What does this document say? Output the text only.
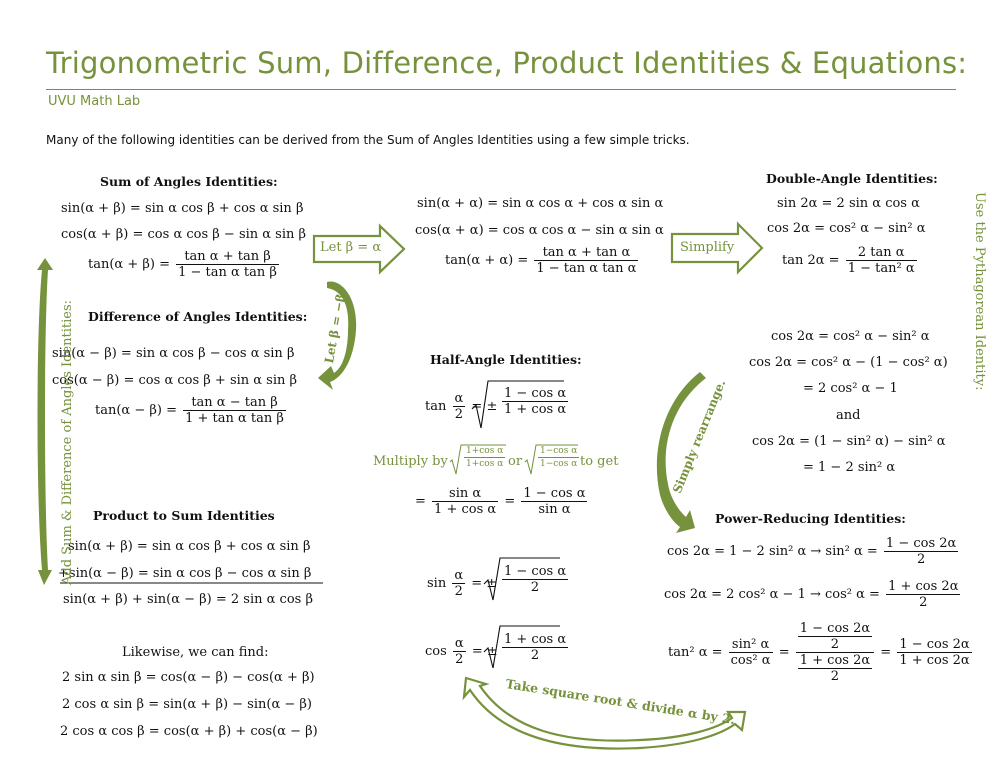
Trigonometric Sum, Difference, Product Identities & Equations:
UVU Math Lab
Many of the following identities can be derived from the Sum of Angles Identities using a few simple tricks.
Sum of Angles Identities:
sin(α + β) = sin α cos β + cos α sin β
cos(α + β) = cos α cos β − sin α sin β
$\tan(\alpha + \beta) = \frac{\text{tan α + tan β}}{\text{1 − tan α tan β}}$
Difference of Angles Identities:
sin(α − β) = sin α cos β − cos α sin β
cos(α − β) = cos α cos β + sin α sin β
$\tan(\alpha - \beta) = \frac{\text{tan α − tan β}}{\text{1 + tan α tan β}}$
Product to Sum Identities
sin(α + β) = sin α cos β + cos α sin β
+sin(α − β) = sin α cos β − cos α sin β
sin(α + β) + sin(α − β) = 2 sin α cos β
Likewise, we can find:
2 sin α sin β = cos(α − β) − cos(α + β)
2 cos α sin β = sin(α + β) − sin(α − β)
2 cos α cos β = cos(α + β) + cos(α − β)
sin(α + α) = sin α cos α + cos α sin α
cos(α + α) = cos α cos α − sin α sin α
$\tan(\alpha + \alpha) = \frac{\text{tan α + tan α}}{\text{1 − tan α tan α}}$
Double-Angle Identities:
sin 2α = 2 sin α cos α
cos 2α = cos² α − sin² α
$\tan 2\alpha = \frac{\text{2 tan α}}{\text{1 − tan² α}}$
cos 2α = cos² α − sin² α
cos 2α = cos² α − (1 − cos² α)
= 2 cos² α − 1
and
cos 2α = (1 − sin² α) − sin² α
= 1 − 2 sin² α
Half-Angle Identities:
$\tan \frac{\alpha}{2}$ = ± $\frac{\text{1 − cos α}}{\text{1 + cos α}}$
Multiply by $\frac{\text{1+cos α}}{\text{1+cos α}}$ or $\frac{\text{1−cos α}}{\text{1−cos α}}$ to get
= $\frac{\text{sin α}}{\text{1 + cos α}} = \frac{\text{1 − cos α}}{\text{sin α}}$
$\sin \frac{\alpha}{2}$ = ± $\frac{\text{1 − cos α}}{2}$
$\cos \frac{\alpha}{2}$ = ± $\frac{\text{1 + cos α}}{2}$
Power-Reducing Identities:
cos 2α = 1 − 2 sin² α → sin² $\alpha = \frac{1 - \cos 2\alpha}{2}$
cos 2α = 2 cos² α − 1 → cos² $\alpha = \frac{1 + \cos 2\alpha}{2}$
tan² $\alpha = \frac{\text{sin² α}}{\text{cos² α}} = \frac{\frac{1 - \cos 2\alpha}{2}}{\frac{1 + \cos 2\alpha}{2}} = \frac{1 - \cos 2\alpha}{1 + \cos 2\alpha}$
Let β = α	Simplify
Let β = −β
Add Sum & Difference of Angles Identities:
Use the Pythagorean Identity:
Simply rearrange.
Take square root & divide α by 2.
